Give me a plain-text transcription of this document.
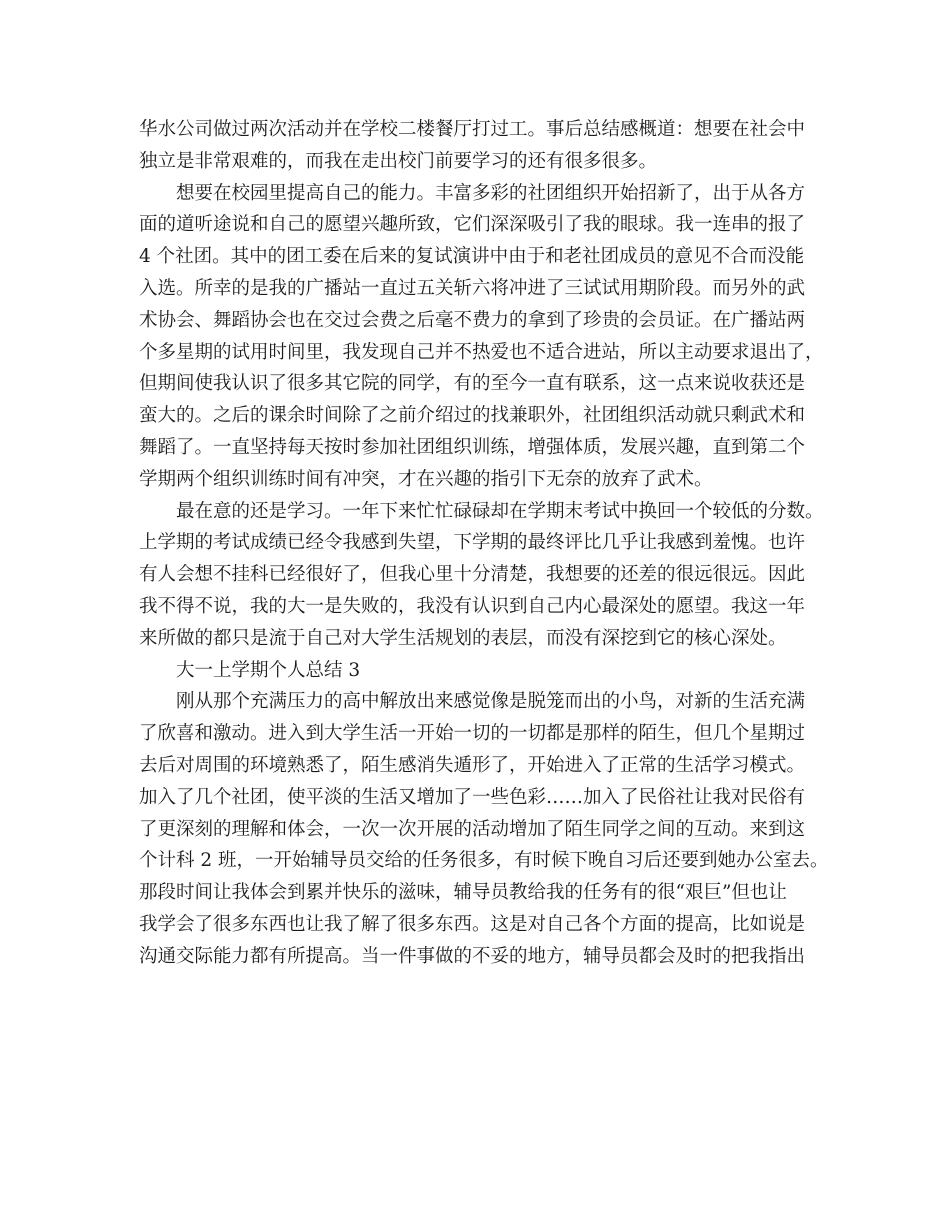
华水公司做过两次活动并在学校二楼餐厅打过工。事后总结感概道：想要在社会中
独立是非常艰难的，而我在走出校门前要学习的还有很多很多。
想要在校园里提高自己的能力。丰富多彩的社团组织开始招新了，出于从各方
面的道听途说和自己的愿望兴趣所致，它们深深吸引了我的眼球。我一连串的报了
4 个社团。其中的团工委在后来的复试演讲中由于和老社团成员的意见不合而没能
入选。所幸的是我的广播站一直过五关斩六将冲进了三试试用期阶段。而另外的武
术协会、舞蹈协会也在交过会费之后毫不费力的拿到了珍贵的会员证。在广播站两
个多星期的试用时间里，我发现自己并不热爱也不适合进站，所以主动要求退出了，
但期间使我认识了很多其它院的同学，有的至今一直有联系，这一点来说收获还是
蛮大的。之后的课余时间除了之前介绍过的找兼职外，社团组织活动就只剩武术和
舞蹈了。一直坚持每天按时参加社团组织训练，增强体质，发展兴趣，直到第二个
学期两个组织训练时间有冲突，才在兴趣的指引下无奈的放弃了武术。
最在意的还是学习。一年下来忙忙碌碌却在学期末考试中换回一个较低的分数。
上学期的考试成绩已经令我感到失望，下学期的最终评比几乎让我感到羞愧。也许
有人会想不挂科已经很好了，但我心里十分清楚，我想要的还差的很远很远。因此
我不得不说，我的大一是失败的，我没有认识到自己内心最深处的愿望。我这一年
来所做的都只是流于自己对大学生活规划的表层，而没有深挖到它的核心深处。
大一上学期个人总结 3
刚从那个充满压力的高中解放出来感觉像是脱笼而出的小鸟，对新的生活充满
了欣喜和激动。进入到大学生活一开始一切的一切都是那样的陌生，但几个星期过
去后对周围的环境熟悉了，陌生感消失遁形了，开始进入了正常的生活学习模式。
加入了几个社团，使平淡的生活又增加了一些色彩……加入了民俗社让我对民俗有
了更深刻的理解和体会，一次一次开展的活动增加了陌生同学之间的互动。来到这
个计科 2 班，一开始辅导员交给的任务很多，有时候下晚自习后还要到她办公室去。
那段时间让我体会到累并快乐的滋味，辅导员教给我的任务有的很“艰巨”但也让
我学会了很多东西也让我了解了很多东西。这是对自己各个方面的提高，比如说是
沟通交际能力都有所提高。当一件事做的不妥的地方，辅导员都会及时的把我指出
